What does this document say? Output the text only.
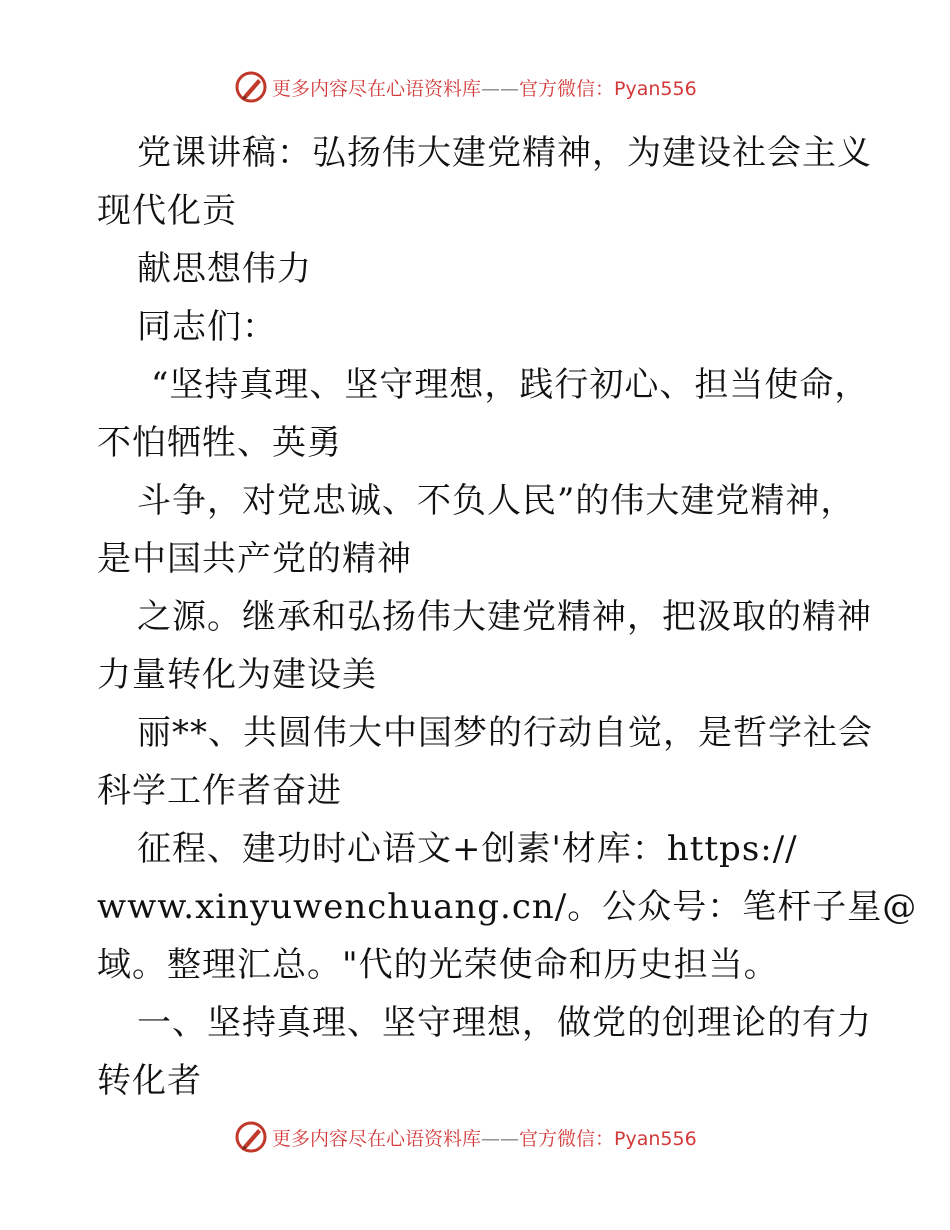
更多内容尽在心语资料库——官方微信：Pyan556
党课讲稿：弘扬伟大建党精神，为建设社会主义
现代化贡
献思想伟力
同志们：
“坚持真理、坚守理想，践行初心、担当使命，
不怕牺牲、英勇
斗争，对党忠诚、不负人民”的伟大建党精神，
是中国共产党的精神
之源。继承和弘扬伟大建党精神，把汲取的精神
力量转化为建设美
丽**、共圆伟大中国梦的行动自觉，是哲学社会
科学工作者奋进
征程、建功时心语文+创素'材库：https://
www.xinyuwenchuang.cn/。公众号：笔杆子星@
域。整理汇总。"代的光荣使命和历史担当。
一、坚持真理、坚守理想，做党的创理论的有力
转化者
更多内容尽在心语资料库——官方微信：Pyan556
